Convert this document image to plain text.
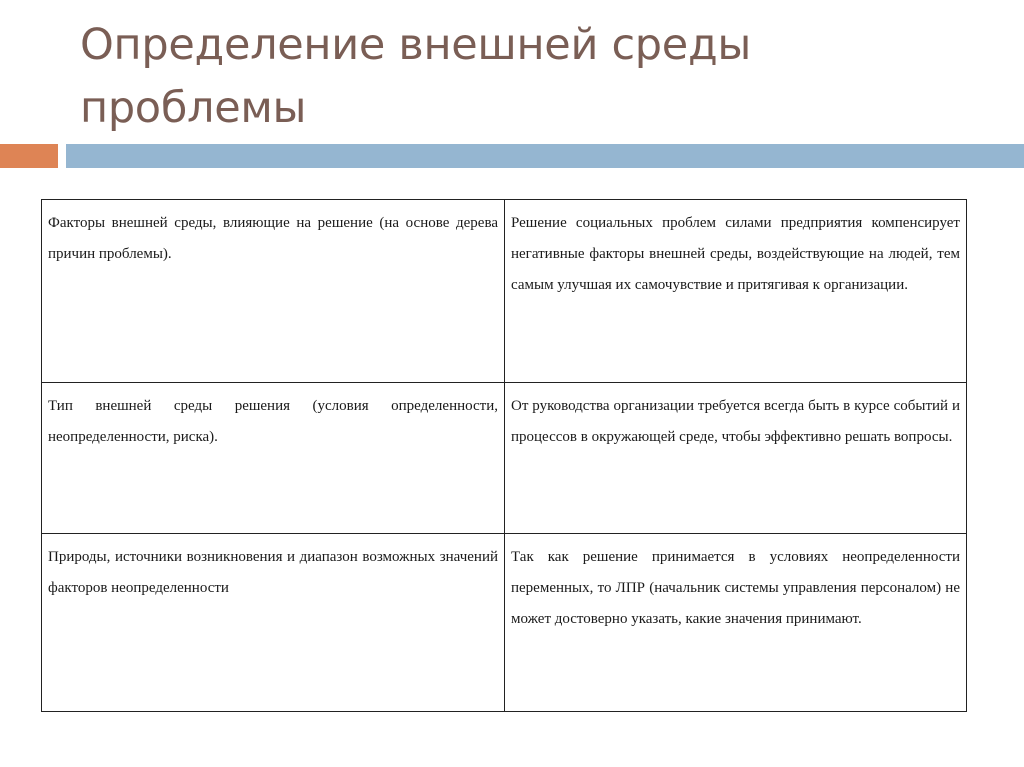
Определение внешней среды проблемы
Факторы внешней среды, влияющие на решение (на основе дерева причин проблемы).	Решение социальных проблем силами предприятия компенсирует негативные факторы внешней среды, воздействующие на людей, тем самым улучшая их самочувствие и притягивая к организации.
Тип внешней среды решения (условия определенности, неопределенности, риска).	От руководства организации требуется всегда быть в курсе событий и процессов в окружающей среде, чтобы эффективно решать вопросы.
Природы, источники возникновения и диапазон возможных значений факторов неопределенности	Так как решение принимается в условиях неопределенности переменных, то ЛПР (начальник системы управления персоналом) не может достоверно указать, какие значения принимают.
